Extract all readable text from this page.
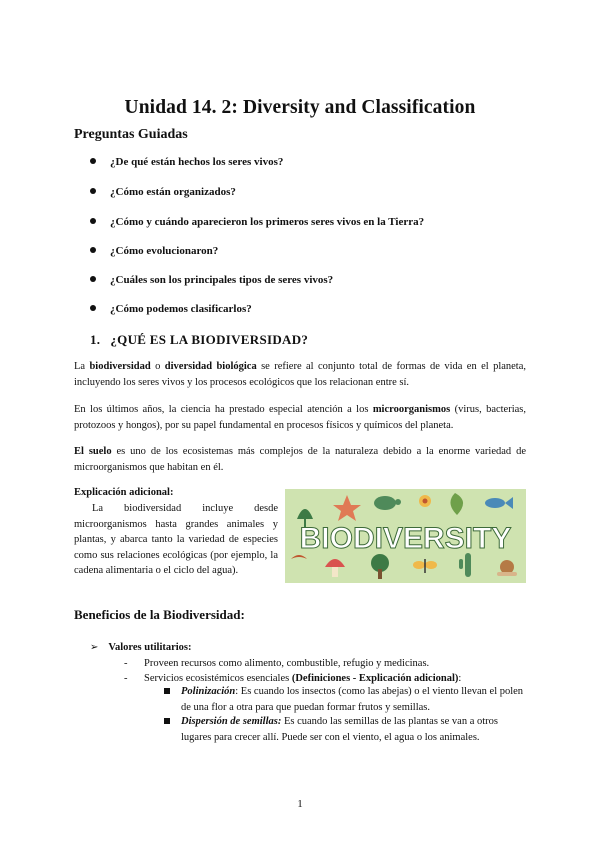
Unidad 14. 2: Diversity and Classification
Preguntas Guiadas
¿De qué están hechos los seres vivos?
¿Cómo están organizados?
¿Cómo y cuándo aparecieron los primeros seres vivos en la Tierra?
¿Cómo evolucionaron?
¿Cuáles son los principales tipos de seres vivos?
¿Cómo podemos clasificarlos?
1. ¿QUÉ ES LA BIODIVERSIDAD?
La biodiversidad o diversidad biológica se refiere al conjunto total de formas de vida en el planeta, incluyendo los seres vivos y los procesos ecológicos que los relacionan entre sí.
En los últimos años, la ciencia ha prestado especial atención a los microorganismos (virus, bacterias, protozoos y hongos), por su papel fundamental en procesos físicos y químicos del planeta.
El suelo es uno de los ecosistemas más complejos de la naturaleza debido a la enorme variedad de microorganismos que habitan en él.
Explicación adicional:
La biodiversidad incluye desde microorganismos hasta grandes animales y plantas, y abarca tanto la variedad de especies como sus relaciones ecológicas (por ejemplo, la cadena alimentaria o el ciclo del agua).
BIODIVERSITY
Beneficios de la Biodiversidad:
➢ Valores utilitarios:
- Proveen recursos como alimento, combustible, refugio y medicinas.
- Servicios ecosistémicos esenciales (Definiciones - Explicación adicional):
Polinización: Es cuando los insectos (como las abejas) o el viento llevan el polen de una flor a otra para que puedan formar frutos y semillas.
Dispersión de semillas: Es cuando las semillas de las plantas se van a otros lugares para crecer allí. Puede ser con el viento, el agua o los animales.
1
